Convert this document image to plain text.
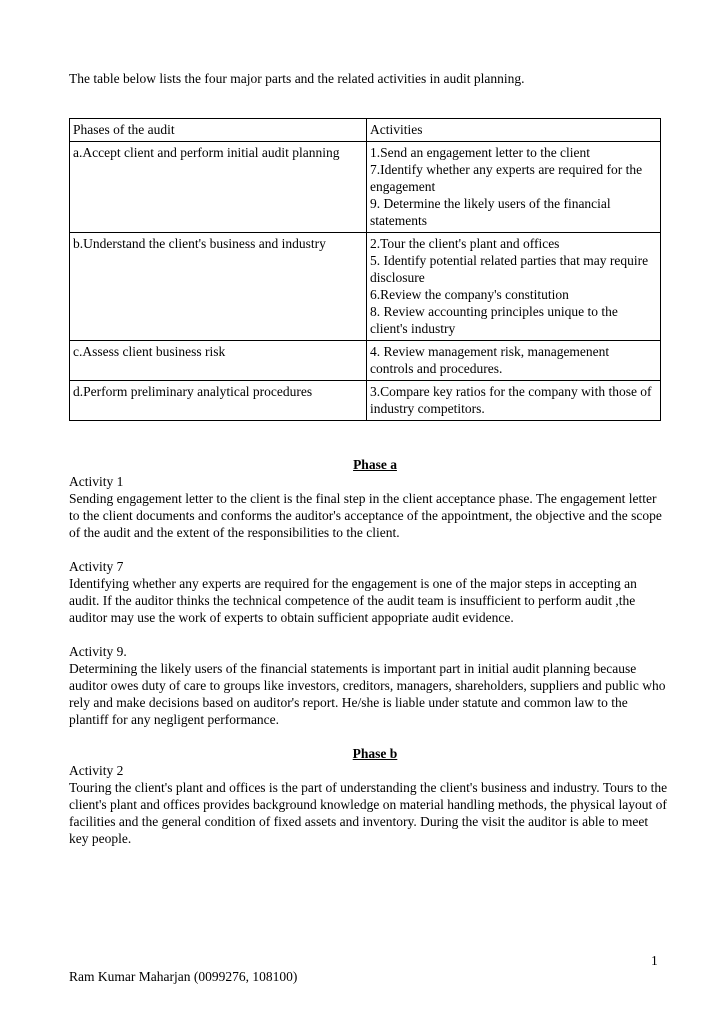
The table below lists the four major parts and the related activities in audit planning.
Phases of the audit	Activities
a.Accept client and perform initial audit planning	1.Send an engagement letter to the client
7.Identify whether any experts are required for the engagement
9. Determine the likely users of the financial statements

b.Understand the client's business and industry	2.Tour the client's plant and offices
5. Identify potential related parties that may require disclosure
6.Review the company's constitution
8. Review accounting principles unique to the client's industry

c.Assess client business risk	4. Review management risk, managemenent controls and procedures.

d.Perform preliminary analytical procedures	3.Compare key ratios for the company with those of industry competitors.
Phase a
Activity 1

Sending engagement letter to the client is the final step in the client acceptance phase. The engagement letter to the client documents and conforms the auditor's acceptance of the appointment, the objective and the scope of the audit and the extent of the responsibilities to the client.

Activity 7

Identifying whether any experts are required for the engagement is one of the major steps in accepting an audit. If the auditor thinks the technical competence of the audit team is insufficient to perform audit ,the auditor may use the work of experts to obtain sufficient appopriate audit evidence.

Activity 9.

Determining the likely users of the financial statements is important part in initial audit planning because auditor owes duty of care to groups like investors, creditors, managers, shareholders, suppliers and public who rely and make decisions based on auditor's report. He/she is liable under statute and common law to the plantiff for any negligent performance.

Phase b
Activity 2

Touring the client's plant and offices is the part of understanding the client's business and industry. Tours to the client's plant and offices provides background knowledge on material handling methods, the physical layout of facilities and the general condition of fixed assets and inventory. During the visit the auditor is able to meet key people.

1
Ram Kumar Maharjan (0099276, 108100)
